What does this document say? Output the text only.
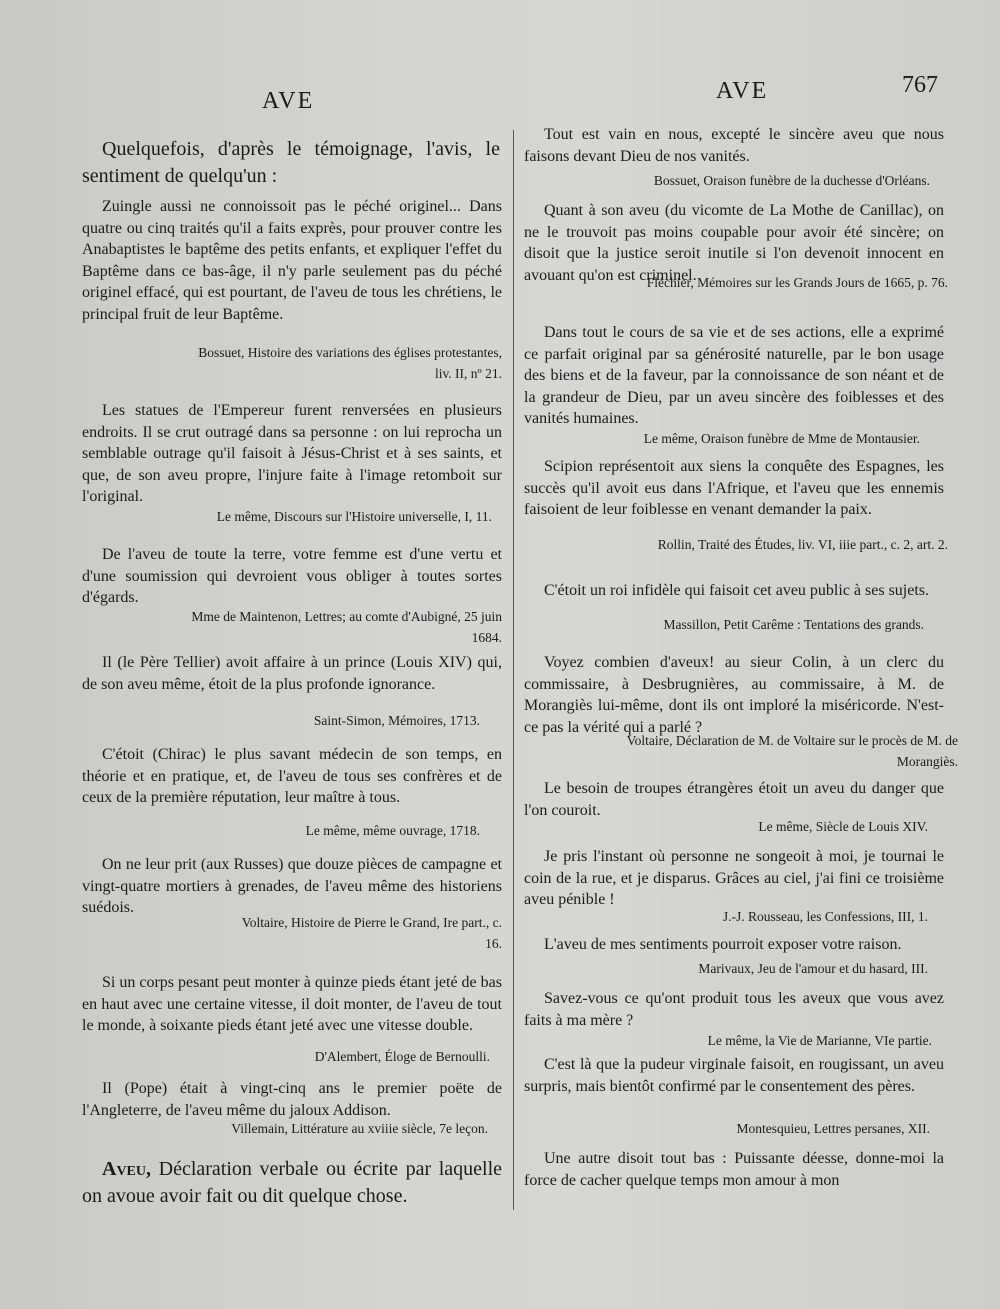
AVE	AVE	767

Quelquefois, d'après le témoignage, l'avis, le sentiment de quelqu'un :

Zuingle aussi ne connoissoit pas le péché originel... Dans quatre ou cinq traités qu'il a faits exprès, pour prouver contre les Anabaptistes le baptême des petits enfants, et expliquer l'effet du Baptême dans ce bas-âge, il n'y parle seulement pas du péché originel effacé, qui est pourtant, de l'aveu de tous les chrétiens, le principal fruit de leur Baptême.

Bossuet, Histoire des variations des églises protestantes, liv. II, nº 21.

Les statues de l'Empereur furent renversées en plusieurs endroits. Il se crut outragé dans sa personne : on lui reprocha un semblable outrage qu'il faisoit à Jésus-Christ et à ses saints, et que, de son aveu propre, l'injure faite à l'image retomboit sur l'original.

Le même, Discours sur l'Histoire universelle, I, 11.

De l'aveu de toute la terre, votre femme est d'une vertu et d'une soumission qui devroient vous obliger à toutes sortes d'égards.

Mme de Maintenon, Lettres; au comte d'Aubigné, 25 juin 1684.

Il (le Père Tellier) avoit affaire à un prince (Louis XIV) qui, de son aveu même, étoit de la plus profonde ignorance.

Saint-Simon, Mémoires, 1713.

C'étoit (Chirac) le plus savant médecin de son temps, en théorie et en pratique, et, de l'aveu de tous ses confrères et de ceux de la première réputation, leur maître à tous.

Le même, même ouvrage, 1718.

On ne leur prit (aux Russes) que douze pièces de campagne et vingt-quatre mortiers à grenades, de l'aveu même des historiens suédois.

Voltaire, Histoire de Pierre le Grand, Ire part., c. 16.

Si un corps pesant peut monter à quinze pieds étant jeté de bas en haut avec une certaine vitesse, il doit monter, de l'aveu de tout le monde, à soixante pieds étant jeté avec une vitesse double.

D'Alembert, Éloge de Bernoulli.

Il (Pope) était à vingt-cinq ans le premier poëte de l'Angleterre, de l'aveu même du jaloux Addison.

Villemain, Littérature au xviiie siècle, 7e leçon.

Aveu, Déclaration verbale ou écrite par laquelle on avoue avoir fait ou dit quelque chose.

Tout est vain en nous, excepté le sincère aveu que nous faisons devant Dieu de nos vanités.

Bossuet, Oraison funèbre de la duchesse d'Orléans.

Quant à son aveu (du vicomte de La Mothe de Canillac), on ne le trouvoit pas moins coupable pour avoir été sincère; on disoit que la justice seroit inutile si l'on devenoit innocent en avouant qu'on est criminel.

Fléchier, Mémoires sur les Grands Jours de 1665, p. 76.

Dans tout le cours de sa vie et de ses actions, elle a exprimé ce parfait original par sa générosité naturelle, par le bon usage des biens et de la faveur, par la connoissance de son néant et de la grandeur de Dieu, par un aveu sincère des foiblesses et des vanités humaines.

Le même, Oraison funèbre de Mme de Montausier.

Scipion représentoit aux siens la conquête des Espagnes, les succès qu'il avoit eus dans l'Afrique, et l'aveu que les ennemis faisoient de leur foiblesse en venant demander la paix.

Rollin, Traité des Études, liv. VI, iiie part., c. 2, art. 2.

C'étoit un roi infidèle qui faisoit cet aveu public à ses sujets.

Massillon, Petit Carême : Tentations des grands.

Voyez combien d'aveux! au sieur Colin, à un clerc du commissaire, à Desbrugnières, au commissaire, à M. de Morangiès lui-même, dont ils ont imploré la miséricorde. N'est-ce pas la vérité qui a parlé ?

Voltaire, Déclaration de M. de Voltaire sur le procès de M. de Morangiès.

Le besoin de troupes étrangères étoit un aveu du danger que l'on couroit.

Le même, Siècle de Louis XIV.

Je pris l'instant où personne ne songeoit à moi, je tournai le coin de la rue, et je disparus. Grâces au ciel, j'ai fini ce troisième aveu pénible !

J.-J. Rousseau, les Confessions, III, 1.

L'aveu de mes sentiments pourroit exposer votre raison.

Marivaux, Jeu de l'amour et du hasard, III.

Savez-vous ce qu'ont produit tous les aveux que vous avez faits à ma mère ?

Le même, la Vie de Marianne, VIe partie.

C'est là que la pudeur virginale faisoit, en rougissant, un aveu surpris, mais bientôt confirmé par le consentement des pères.

Montesquieu, Lettres persanes, XII.

Une autre disoit tout bas : Puissante déesse, donne-moi la force de cacher quelque temps mon amour à mon
